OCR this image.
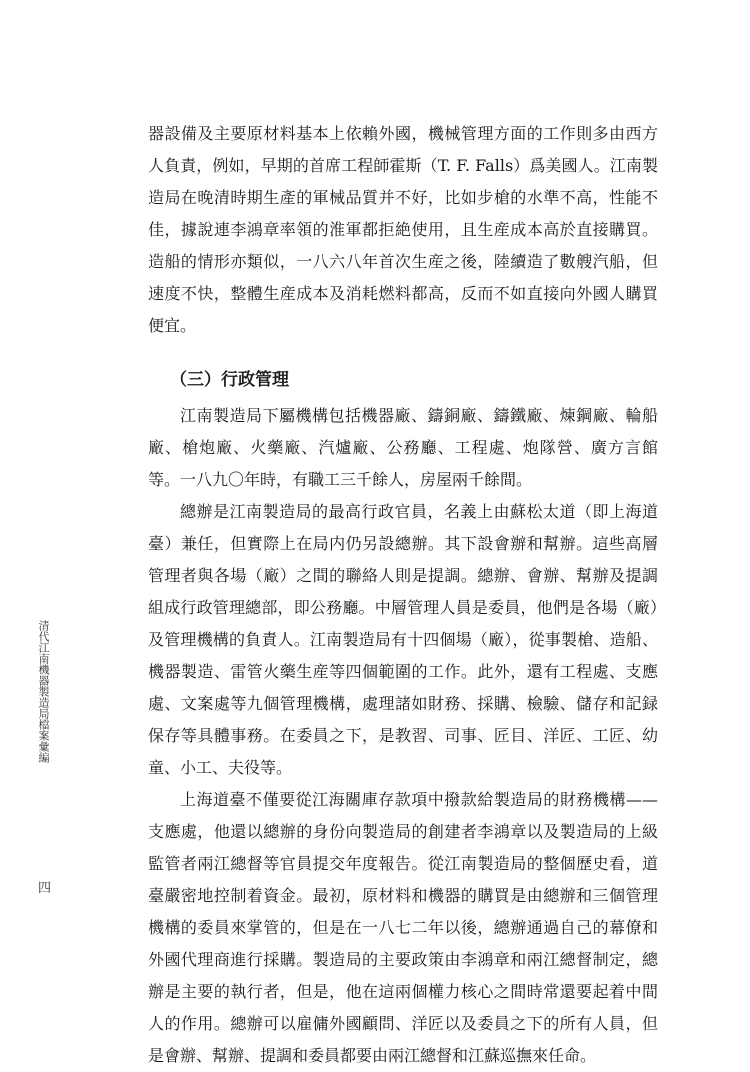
器設備及主要原材料基本上依賴外國，機械管理方面的工作則多由西方人負責，例如，早期的首席工程師霍斯（T. F. Falls）爲美國人。江南製造局在晚清時期生產的軍械品質并不好，比如步槍的水準不高，性能不佳，據說連李鴻章率領的淮軍都拒絶使用，且生産成本高於直接購買。造船的情形亦類似，一八六八年首次生産之後，陸續造了數艘汽船，但速度不快，整體生産成本及消耗燃料都高，反而不如直接向外國人購買便宜。

（三）行政管理

江南製造局下屬機構包括機器廠、鑄銅廠、鑄鐵廠、煉鋼廠、輪船廠、槍炮廠、火藥廠、汽爐廠、公務廳、工程處、炮隊營、廣方言館等。一八九〇年時，有職工三千餘人，房屋兩千餘間。

總辦是江南製造局的最高行政官員，名義上由蘇松太道（即上海道臺）兼任，但實際上在局内仍另設總辦。其下設會辦和幫辦。這些高層管理者與各場（廠）之間的聯絡人則是提調。總辦、會辦、幫辦及提調組成行政管理總部，即公務廳。中層管理人員是委員，他們是各場（廠）及管理機構的負責人。江南製造局有十四個場（廠），從事製槍、造船、機器製造、雷管火藥生産等四個範圍的工作。此外，還有工程處、支應處、文案處等九個管理機構，處理諸如財務、採購、檢驗、儲存和記録保存等具體事務。在委員之下，是教習、司事、匠目、洋匠、工匠、幼童、小工、夫役等。

上海道臺不僅要從江海關庫存款項中撥款給製造局的財務機構——支應處，他還以總辦的身份向製造局的創建者李鴻章以及製造局的上級監管者兩江總督等官員提交年度報告。從江南製造局的整個歷史看，道臺嚴密地控制着資金。最初，原材料和機器的購買是由總辦和三個管理機構的委員來掌管的，但是在一八七二年以後，總辦通過自己的幕僚和外國代理商進行採購。製造局的主要政策由李鴻章和兩江總督制定，總辦是主要的執行者，但是，他在這兩個權力核心之間時常還要起着中間人的作用。總辦可以雇傭外國顧問、洋匠以及委員之下的所有人員，但是會辦、幫辦、提調和委員都要由兩江總督和江蘇巡撫來任命。

清代江南機器製造局檔案彙編
四
